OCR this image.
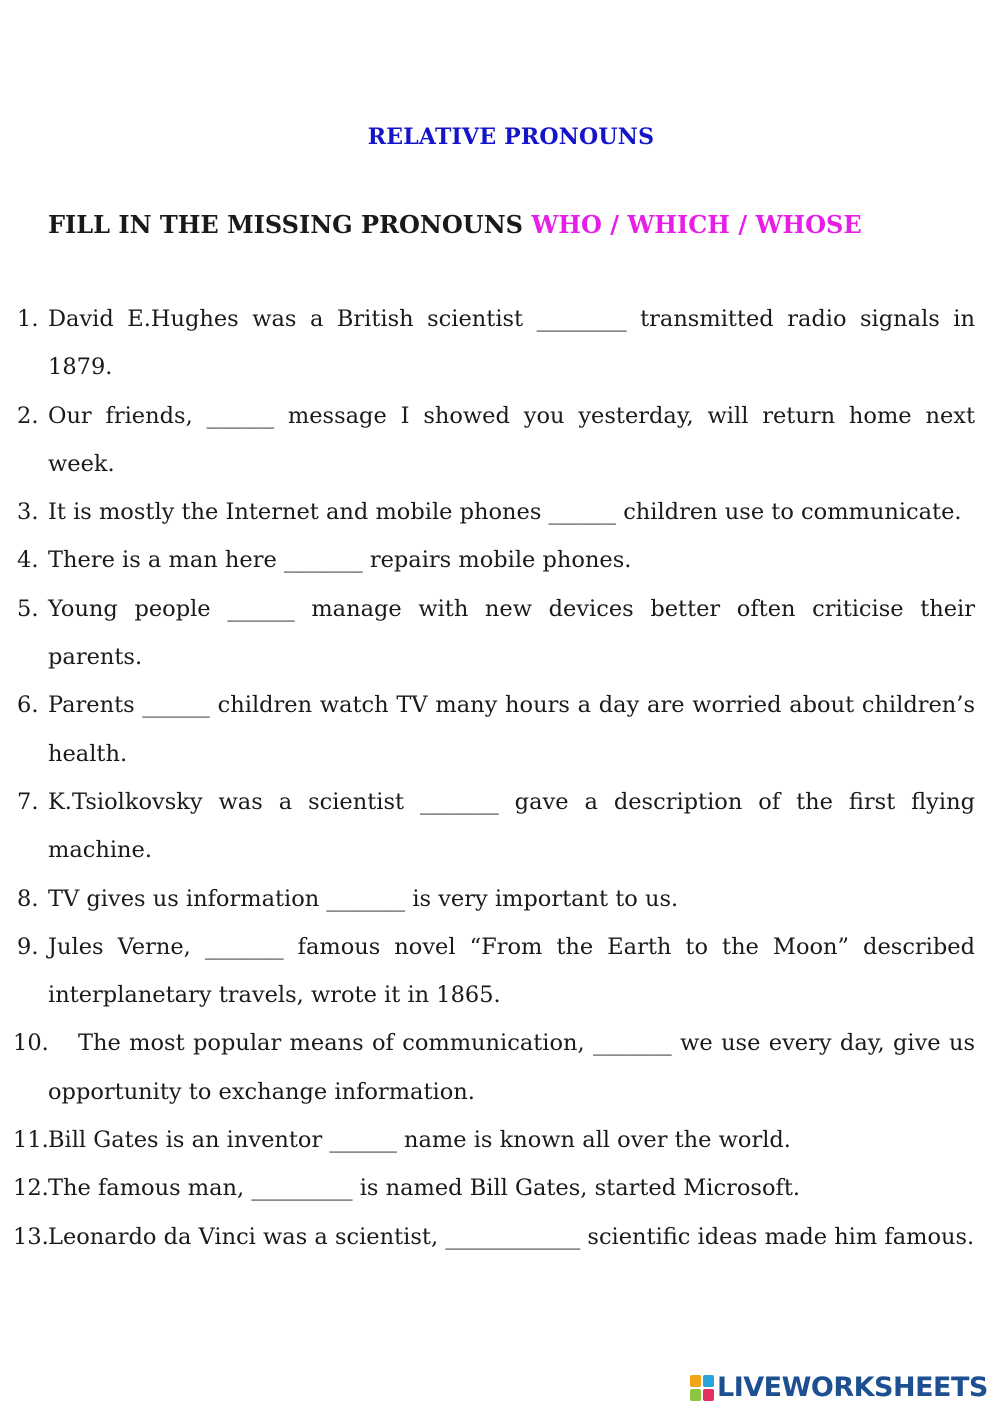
RELATIVE PRONOUNS
FILL IN THE MISSING PRONOUNS WHO / WHICH / WHOSE
1. David E.Hughes was a British scientist ________ transmitted radio signals in 1879.
2. Our friends, ______ message I showed you yesterday, will return home next week.
3. It is mostly the Internet and mobile phones ______ children use to communicate.
4. There is a man here _______ repairs mobile phones.
5. Young people ______ manage with new devices better often criticise their parents.
6. Parents ______ children watch TV many hours a day are worried about children’s health.
7. K.Tsiolkovsky was a scientist _______ gave a description of the first flying machine.
8. TV gives us information _______ is very important to us.
9. Jules Verne, _______ famous novel “From the Earth to the Moon” described interplanetary travels, wrote it in 1865.
10.	The most popular means of communication, _______ we use every day, give us opportunity to exchange information.
11. Bill Gates is an inventor ______ name is known all over the world.
12. The famous man, _________ is named Bill Gates, started Microsoft.
13. Leonardo da Vinci was a scientist, ____________ scientific ideas made him famous.
LIVEWORKSHEETS
